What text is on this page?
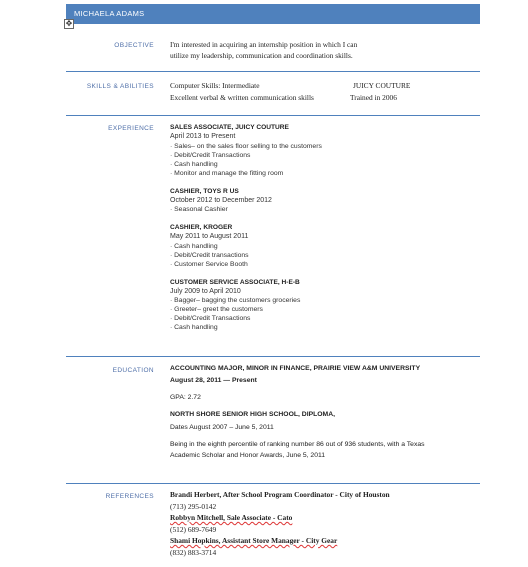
MICHAELA ADAMS
✥
OBJECTIVE I'm interested in acquiring an internship position in which I can
utilize my leadership, communication and coordination skills.
SKILLS & ABILITIES Computer Skills: Intermediate	JUICY COUTURE
Excellent verbal & written communication skills	Trained in 2006
EXPERIENCE SALES ASSOCIATE, JUICY COUTURE
April 2013 to Present
· Sales– on the sales floor selling to the customers
· Debit/Credit Transactions
· Cash handling
· Monitor and manage the fitting room
CASHIER, TOYS R US
October 2012 to December 2012
· Seasonal Cashier
CASHIER, KROGER
May 2011 to August 2011
· Cash handling
· Debit/Credit transactions
· Customer Service Booth
CUSTOMER SERVICE ASSOCIATE, H-E-B
July 2009 to April 2010
· Bagger– bagging the customers groceries
· Greeter– greet the customers
· Debit/Credit Transactions
· Cash handling
EDUCATION ACCOUNTING MAJOR, MINOR IN FINANCE, PRAIRIE VIEW A&M UNIVERSITY
August 28, 2011 — Present
GPA: 2.72
NORTH SHORE SENIOR HIGH SCHOOL, DIPLOMA,
Dates August 2007 – June 5, 2011
Being in the eighth percentile of ranking number 86 out of 936 students, with a Texas
Academic Scholar and Honor Awards, June 5, 2011
REFERENCES Brandi Herbert, After School Program Coordinator - City of Houston
(713) 295-0142
Robbyn Mitchell, Sale Associate - Cato
(512) 689-7649
Shami Hopkins, Assistant Store Manager - City Gear
(832) 883-3714
